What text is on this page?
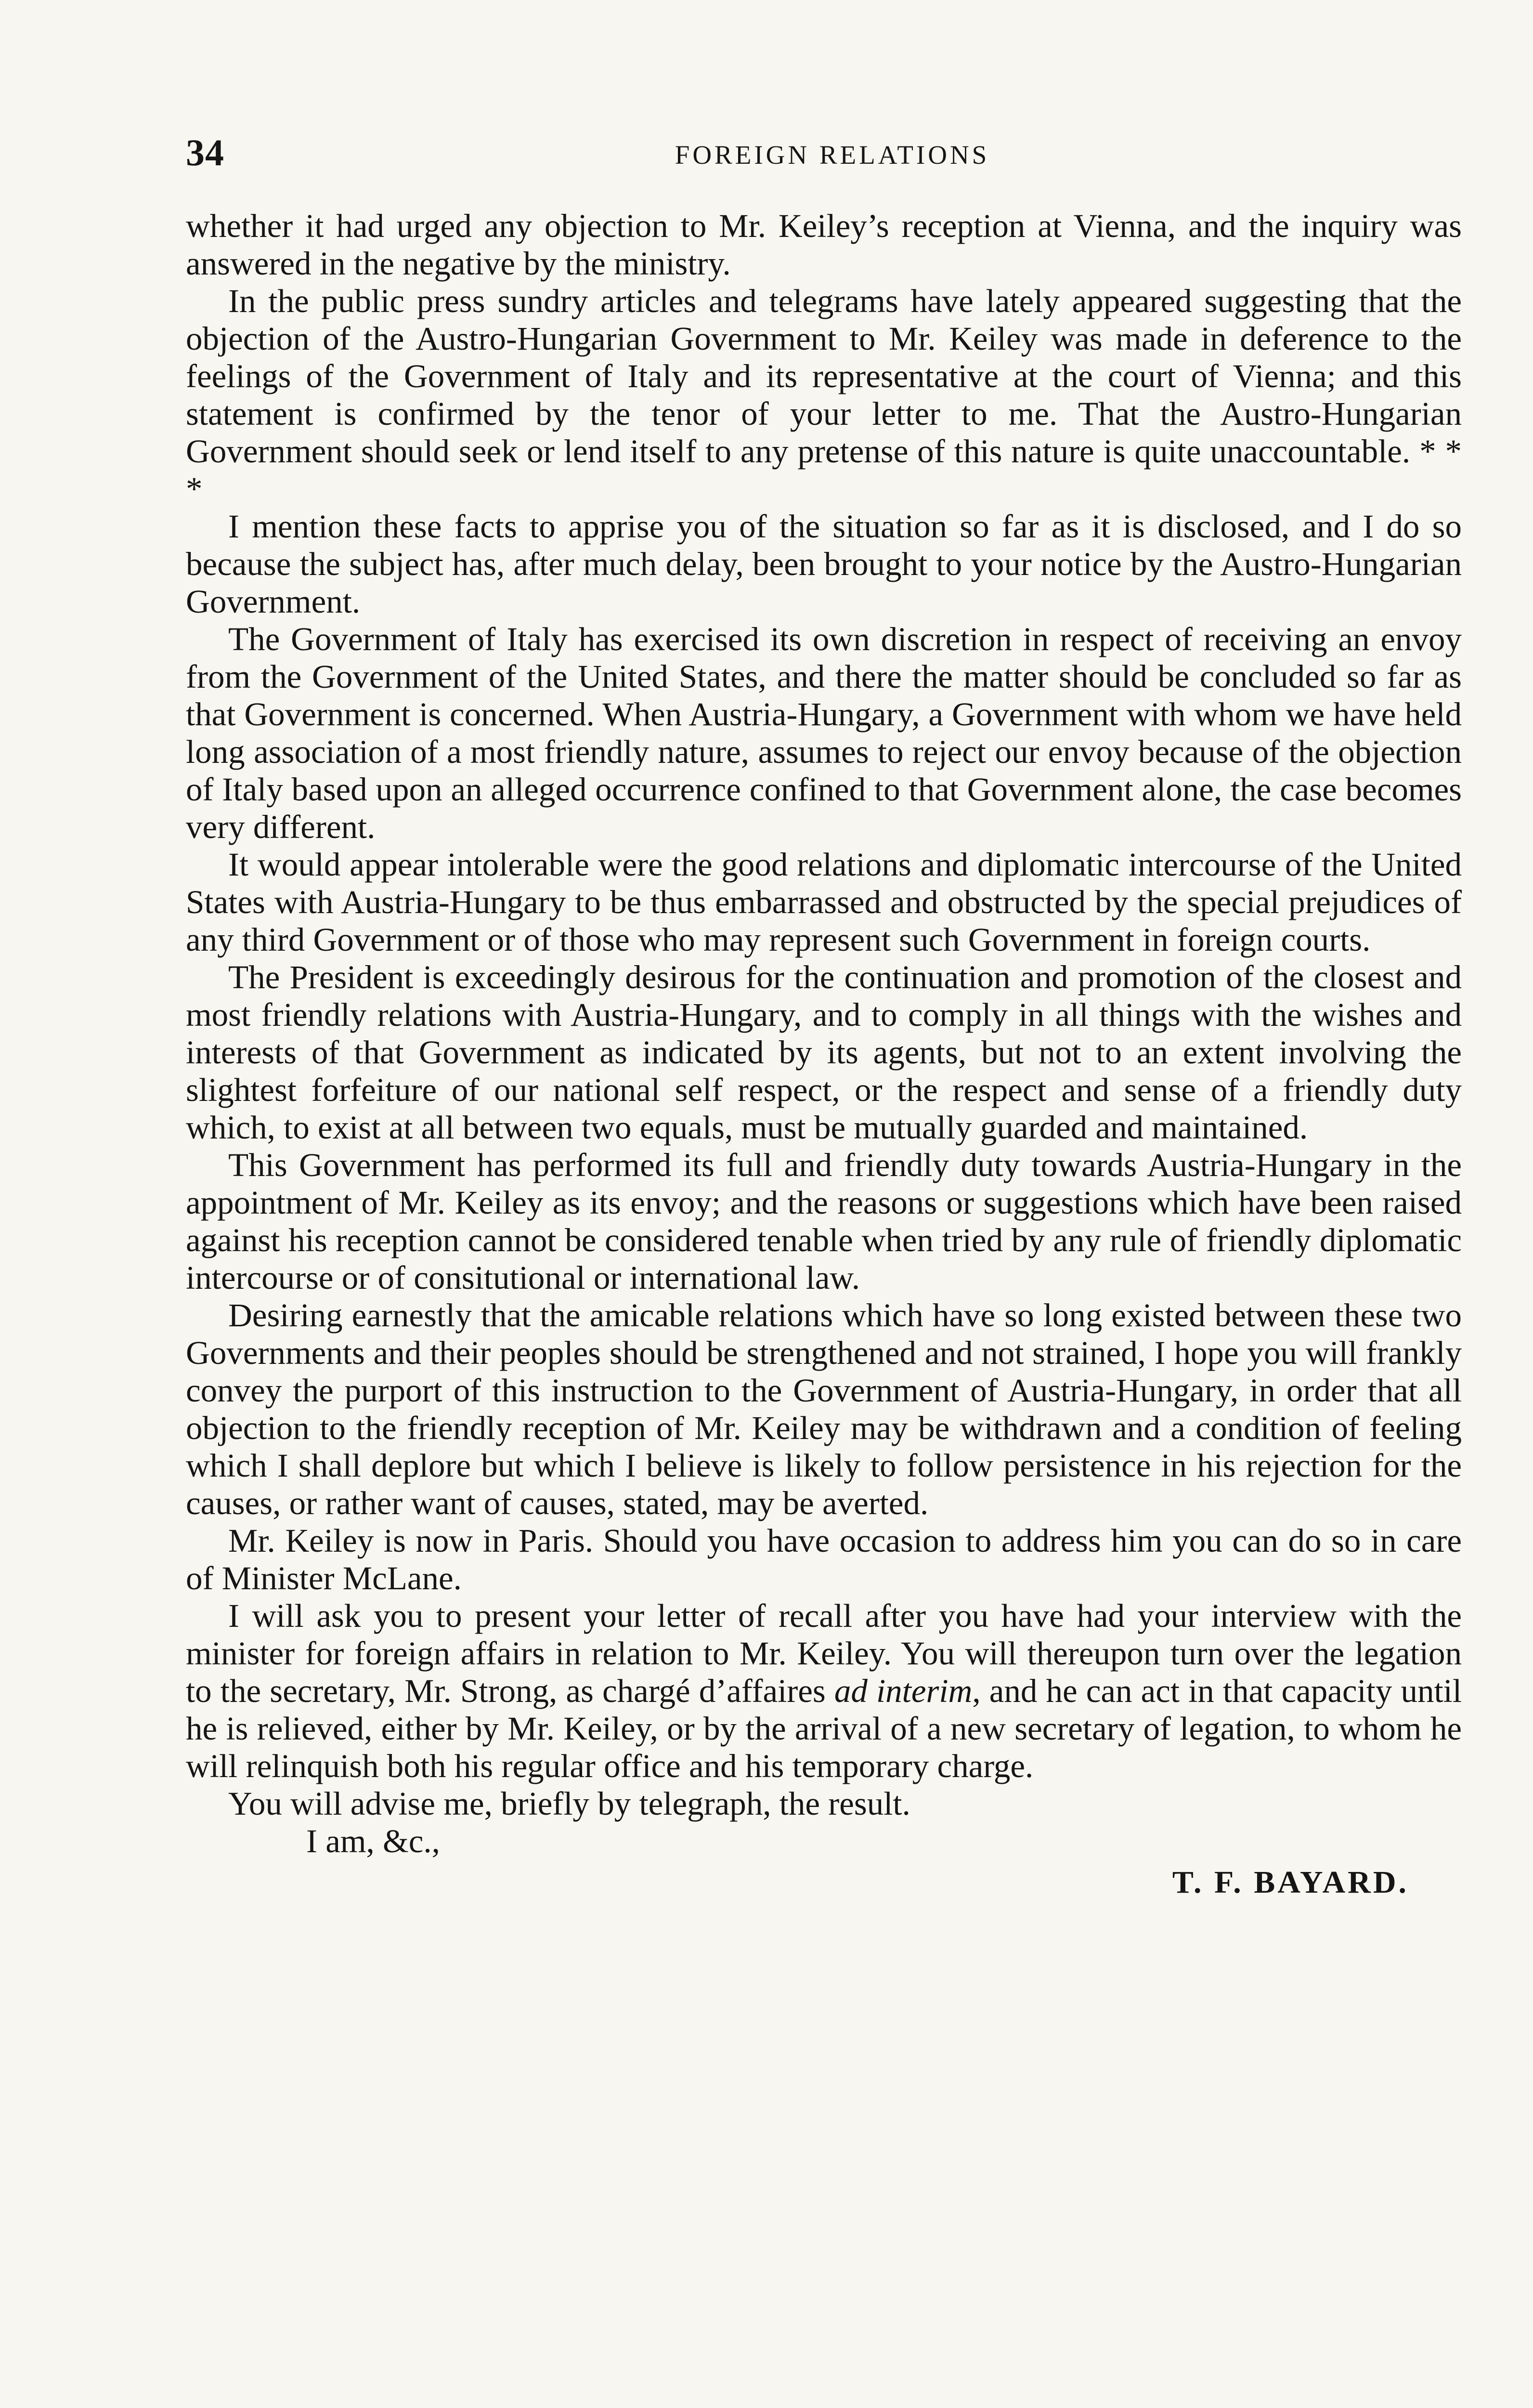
34	FOREIGN RELATIONS

whether it had urged any objection to Mr. Keiley’s reception at Vienna, and the inquiry was answered in the negative by the ministry.

In the public press sundry articles and telegrams have lately appeared suggesting that the objection of the Austro-Hungarian Government to Mr. Keiley was made in deference to the feelings of the Government of Italy and its representative at the court of Vienna; and this statement is confirmed by the tenor of your letter to me. That the Austro-Hungarian Government should seek or lend itself to any pretense of this nature is quite unaccountable. * * *

I mention these facts to apprise you of the situation so far as it is disclosed, and I do so because the subject has, after much delay, been brought to your notice by the Austro-Hungarian Government.

The Government of Italy has exercised its own discretion in respect of receiving an envoy from the Government of the United States, and there the matter should be concluded so far as that Government is concerned. When Austria-Hungary, a Government with whom we have held long association of a most friendly nature, assumes to reject our envoy because of the objection of Italy based upon an alleged occurrence confined to that Government alone, the case becomes very different.

It would appear intolerable were the good relations and diplomatic intercourse of the United States with Austria-Hungary to be thus embarrassed and obstructed by the special prejudices of any third Government or of those who may represent such Government in foreign courts.

The President is exceedingly desirous for the continuation and promotion of the closest and most friendly relations with Austria-Hungary, and to comply in all things with the wishes and interests of that Government as indicated by its agents, but not to an extent involving the slightest forfeiture of our national self respect, or the respect and sense of a friendly duty which, to exist at all between two equals, must be mutually guarded and maintained.

This Government has performed its full and friendly duty towards Austria-Hungary in the appointment of Mr. Keiley as its envoy; and the reasons or suggestions which have been raised against his reception cannot be considered tenable when tried by any rule of friendly diplomatic intercourse or of consitutional or international law.

Desiring earnestly that the amicable relations which have so long existed between these two Governments and their peoples should be strengthened and not strained, I hope you will frankly convey the purport of this instruction to the Government of Austria-Hungary, in order that all objection to the friendly reception of Mr. Keiley may be withdrawn and a condition of feeling which I shall deplore but which I believe is likely to follow persistence in his rejection for the causes, or rather want of causes, stated, may be averted.

Mr. Keiley is now in Paris. Should you have occasion to address him you can do so in care of Minister McLane.

I will ask you to present your letter of recall after you have had your interview with the minister for foreign affairs in relation to Mr. Keiley. You will thereupon turn over the legation to the secretary, Mr. Strong, as chargé d’affaires ad interim, and he can act in that capacity until he is relieved, either by Mr. Keiley, or by the arrival of a new secretary of legation, to whom he will relinquish both his regular office and his temporary charge.

You will advise me, briefly by telegraph, the result.

I am, &c.,

T. F. BAYARD.
